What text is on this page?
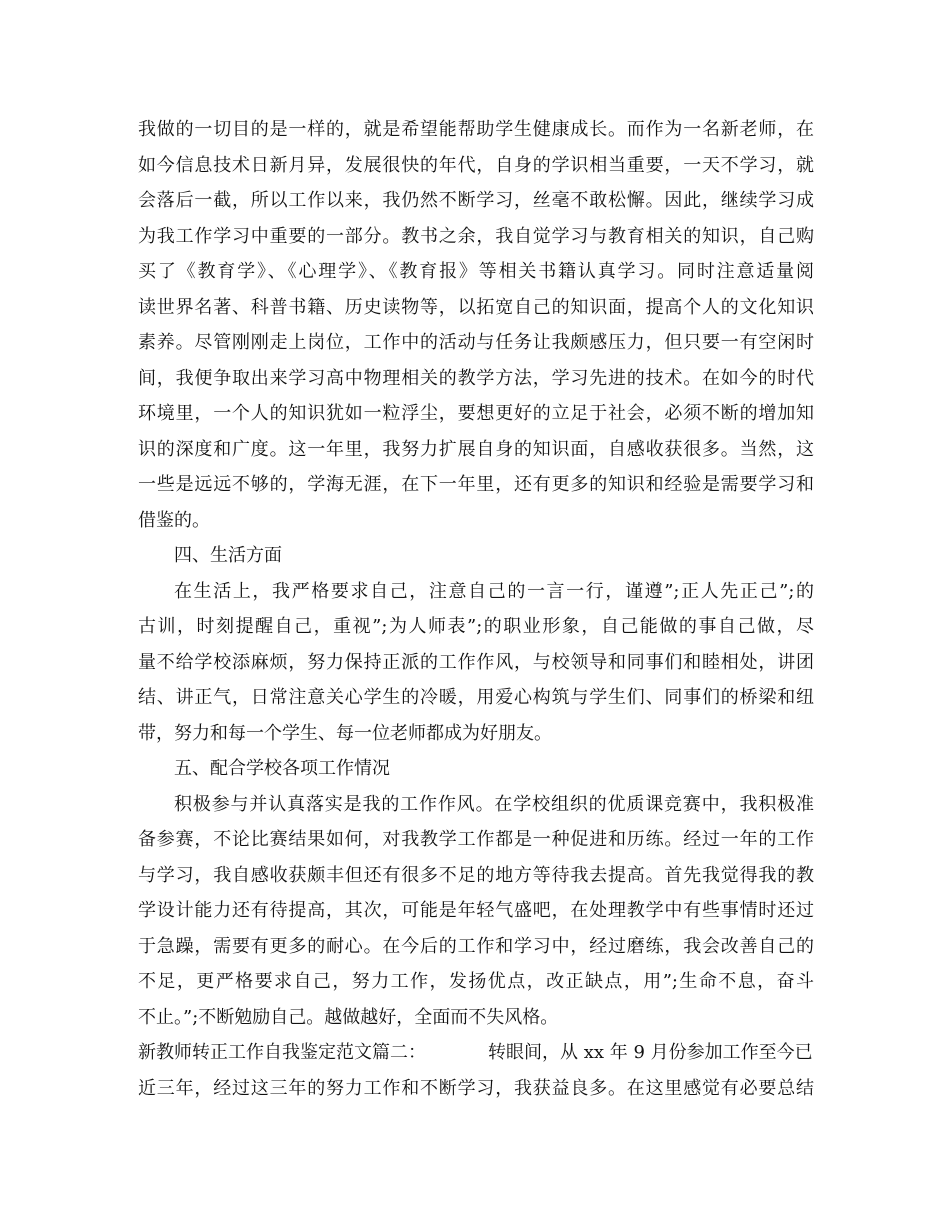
我做的一切目的是一样的，就是希望能帮助学生健康成长。而作为一名新老师，在
如今信息技术日新月异，发展很快的年代，自身的学识相当重要，一天不学习，就
会落后一截，所以工作以来，我仍然不断学习，丝毫不敢松懈。因此，继续学习成
为我工作学习中重要的一部分。教书之余，我自觉学习与教育相关的知识，自己购
买了《教育学》、《心理学》、《教育报》等相关书籍认真学习。同时注意适量阅
读世界名著、科普书籍、历史读物等，以拓宽自己的知识面，提高个人的文化知识
素养。尽管刚刚走上岗位，工作中的活动与任务让我颇感压力，但只要一有空闲时
间，我便争取出来学习高中物理相关的教学方法，学习先进的技术。在如今的时代
环境里，一个人的知识犹如一粒浮尘，要想更好的立足于社会，必须不断的增加知
识的深度和广度。这一年里，我努力扩展自身的知识面，自感收获很多。当然，这
一些是远远不够的，学海无涯，在下一年里，还有更多的知识和经验是需要学习和
借鉴的。
四、生活方面
在生活上，我严格要求自己，注意自己的一言一行，谨遵”;正人先正己”;的
古训，时刻提醒自己，重视”;为人师表”;的职业形象，自己能做的事自己做，尽
量不给学校添麻烦，努力保持正派的工作作风，与校领导和同事们和睦相处，讲团
结、讲正气，日常注意关心学生的冷暖，用爱心构筑与学生们、同事们的桥梁和纽
带，努力和每一个学生、每一位老师都成为好朋友。
五、配合学校各项工作情况
积极参与并认真落实是我的工作作风。在学校组织的优质课竞赛中，我积极准
备参赛，不论比赛结果如何，对我教学工作都是一种促进和历练。经过一年的工作
与学习，我自感收获颇丰但还有很多不足的地方等待我去提高。首先我觉得我的教
学设计能力还有待提高，其次，可能是年轻气盛吧，在处理教学中有些事情时还过
于急躁，需要有更多的耐心。在今后的工作和学习中，经过磨练，我会改善自己的
不足，更严格要求自己，努力工作，发扬优点，改正缺点，用”;生命不息，奋斗
不止。”;不断勉励自己。越做越好，全面而不失风格。
新教师转正工作自我鉴定范文篇二：	转眼间，从 xx 年 9 月份参加工作至今已
近三年，经过这三年的努力工作和不断学习，我获益良多。在这里感觉有必要总结
